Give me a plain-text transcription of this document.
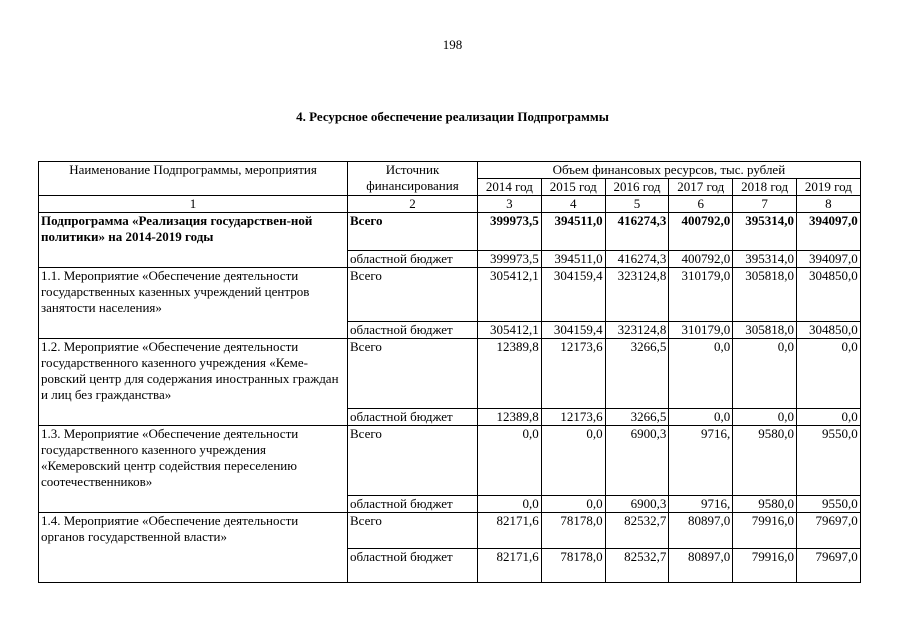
198
4. Ресурсное обеспечение реализации Подпрограммы
Наименование Подпрограммы, мероприятия	Источник финансирования	Объем финансовых ресурсов, тыс. рублей					
		2014 год	2015 год	2016 год	2017 год	2018 год	2019 год
1	2	3	4	5	6	7	8
Подпрограмма «Реализация государствен-ной политики» на 2014-2019 годы	Всего	399973,5	394511,0	416274,3	400792,0	395314,0	394097,0
	областной бюджет	399973,5	394511,0	416274,3	400792,0	395314,0	394097,0
1.1. Мероприятие «Обеспечение деятельности государственных казенных учреждений центров занятости населения»	Всего	305412,1	304159,4	323124,8	310179,0	305818,0	304850,0
	областной бюджет	305412,1	304159,4	323124,8	310179,0	305818,0	304850,0
1.2. Мероприятие «Обеспечение деятельности государственного казенного учреждения «Кеме-ровский центр для содержания иностранных граждан и лиц без гражданства»	Всего	12389,8	12173,6	3266,5	0,0	0,0	0,0
	областной бюджет	12389,8	12173,6	3266,5	0,0	0,0	0,0
1.3. Мероприятие «Обеспечение деятельности государственного казенного учреждения «Кемеровский центр содействия переселению соотечественников»	Всего	0,0	0,0	6900,3	9716,	9580,0	9550,0
	областной бюджет	0,0	0,0	6900,3	9716,	9580,0	9550,0
1.4. Мероприятие «Обеспечение деятельности органов государственной власти»	Всего	82171,6	78178,0	82532,7	80897,0	79916,0	79697,0
	областной бюджет	82171,6	78178,0	82532,7	80897,0	79916,0	79697,0
